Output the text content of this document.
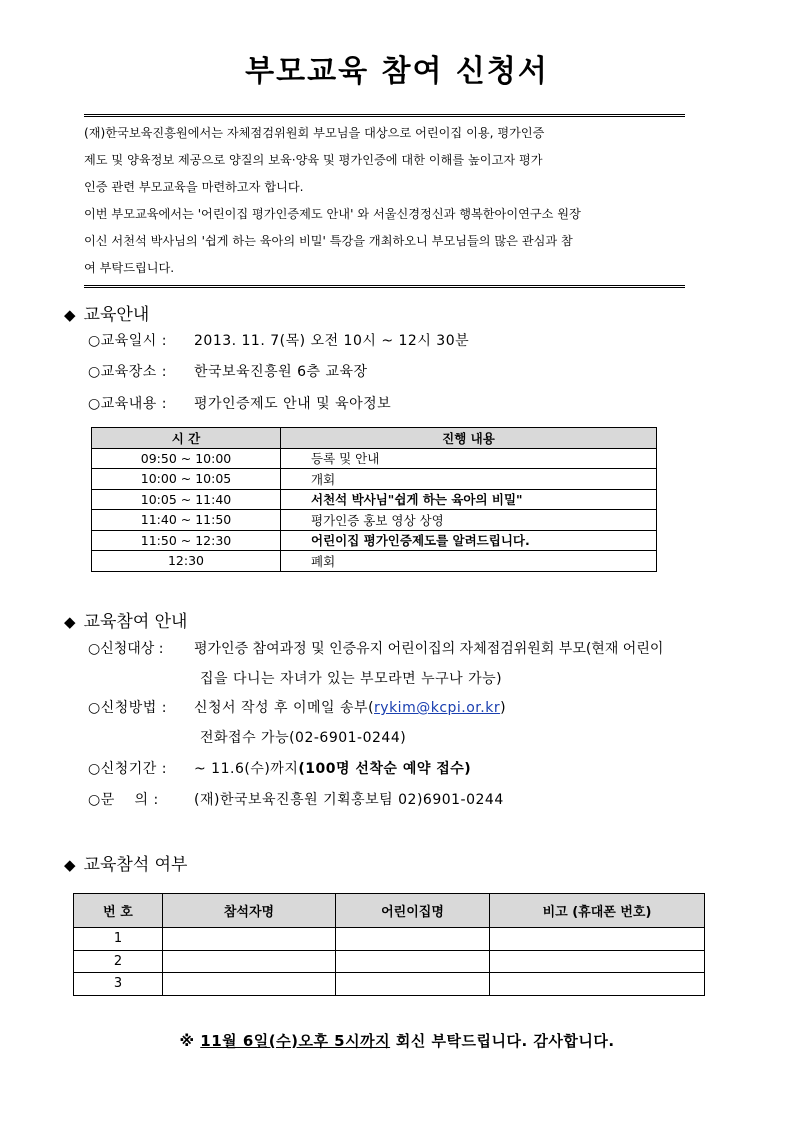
부모교육 참여 신청서
(재)한국보육진흥원에서는 자체점검위원회 부모님을 대상으로 어린이집 이용, 평가인증
제도 및 양육정보 제공으로 양질의 보육·양육 및 평가인증에 대한 이해를 높이고자 평가
인증 관련 부모교육을 마련하고자 합니다.
이번 부모교육에서는 '어린이집 평가인증제도 안내' 와 서울신경정신과 행복한아이연구소 원장
이신 서천석 박사님의 '쉽게 하는 육아의 비밀' 특강을 개최하오니 부모님들의 많은 관심과 참
여 부탁드립니다.
◆ 교육안내
○교육일시 : 2013. 11. 7(목) 오전 10시 ~ 12시 30분
○교육장소 : 한국보육진흥원 6층 교육장
○교육내용 : 평가인증제도 안내 및 육아정보
시 간	진행 내용
09:50 ~ 10:00	등록 및 안내
10:00 ~ 10:05	개회
10:05 ~ 11:40	서천석 박사님"쉽게 하는 육아의 비밀"
11:40 ~ 11:50	평가인증 홍보 영상 상영
11:50 ~ 12:30	어린이집 평가인증제도를 알려드립니다.
12:30	폐회
◆ 교육참여 안내
○신청대상 : 평가인증 참여과정 및 인증유지 어린이집의 자체점검위원회 부모(현재 어린이
집을 다니는 자녀가 있는 부모라면 누구나 가능)
○신청방법 : 신청서 작성 후 이메일 송부(rykim@kcpi.or.kr)
전화접수 가능(02-6901-0244)
○신청기간 : ~ 11.6(수)까지(100명 선착순 예약 접수)
○문    의 :	(재)한국보육진흥원 기획홍보팀 02)6901-0244
◆ 교육참석 여부
번 호	참석자명	어린이집명	비고 (휴대폰 번호)
1			
2			
3			
※ 11월 6일(수)오후 5시까지 회신 부탁드립니다. 감사합니다.
